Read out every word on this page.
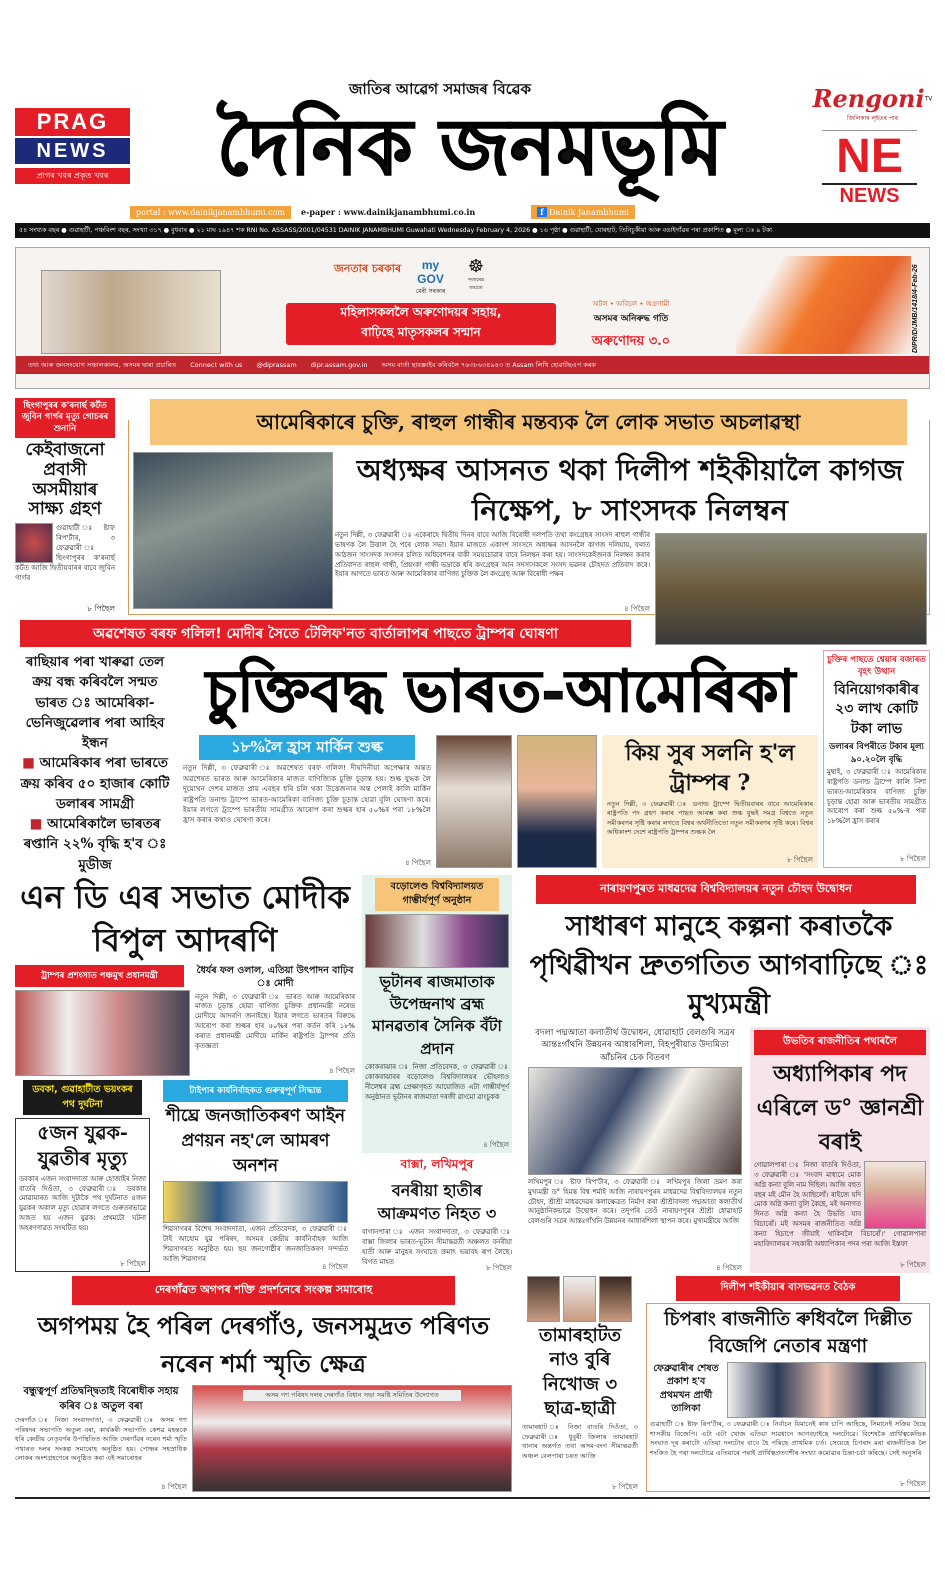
PRAG
NEWS
প্ৰাগৰ খবৰ প্ৰকৃত খবৰ
জাতিৰ আৱেগ সমাজৰ বিৱেক
দৈনিক জনমভূমি
portal : www.dainikjanambhumi.com	e-paper : www.dainikjanambhumi.co.in	f Dainik Janambhumi
Rengoni$^{TV}$
জিলিকাৰ লৃইতৰ পাৰ
NE
NEWS
৫৪ সংখ্যক বছৰ ● গুৱাহাটী, পঞ্চবিংশ বছৰ, সংখ্যা ৩১৭ ● বুধবাৰ ● ২১ মাঘ ১৯৪৭ শক RNI No. ASSASS/2001/04531 DAINIK JANAMBHUMI Guwahati Wednesday February 4, 2026 ● ১৬ পৃষ্ঠা ● গুৱাহাটী, যোৰহাট, তিনিচুকীয়া আৰু বঙাইগাঁৱৰ পৰা প্ৰকাশিত ● মূল্য ঃ ৯ টকা
জনতাৰ চৰকাৰ	my GOV
মেৰী সৰকাৰ
☸
সত্যমেৱ জয়তে
মহিলাসকললৈ অৰুণোদয়ৰ সহায়,
বাঢ়িছে মাতৃসকলৰ সন্মান
অটল • অবিচল • অগ্ৰগামী
অসমৰ অনিৰুদ্ধ গতি
অৰুণোদয় ৩.০	DIPR/D/JMB/1418/4-Feb-26
তথ্য আৰু জনসংযোগ সঞ্চালকালয়, অসমৰ দ্বাৰা প্ৰচাৰিত Connect with us @diprassam dipr.assam.gov.in অসম বাৰ্তা ছাবস্ক্ৰাইব কৰিবলৈ ৭৬৩৮৬৩৪৯৪৩ ত Assam লিখি হোৱাটছএপ কৰক
ছিংগাপুৰৰ ক'ৰনাৰ্ছ কৰ্টত জুবিন গাৰ্গৰ মৃত্যু গোচৰৰ শুনানি
কেইবাজনো প্ৰবাসী অসমীয়াৰ সাক্ষ্য গ্ৰহণ
গুৱাহাটী ঃ ষ্টাফ ৰিপ'ৰ্টাৰ, ৩ ফেব্ৰুৱাৰী ঃ ছিংগাপুৰৰ ক'ৰনাৰ্ছ কৰ্টত আজি দ্বিতীয়বাৰৰ বাবে জুবিন গাৰ্গৰ
৮ পিছৈল
আমেৰিকাৰে চুক্তি, ৰাহুল গান্ধীৰ মন্তব্যক লৈ লোক সভাত অচলাৱস্থা
অধ্যক্ষৰ আসনত থকা দিলীপ শইকীয়ালৈ কাগজ নিক্ষেপ, ৮ সাংসদক নিলম্বন
নতুন দিল্লী, ৩ ফেব্ৰুৱাৰী ঃ একেৰাহে দ্বিতীয় দিনৰ বাবে আজি বিৰোধী দলপতি তথা কংগ্ৰেছৰ সাংসদ ৰাহুল গান্ধীৰ ভাষণক লৈ উত্তাল হৈ পৰে লোক সভা। ইয়াৰ মাজতে একাংশ সাংসদে অধ্যক্ষৰ আসনলৈ কাগজ দলিয়ায়, ফলত আঠজন সাংসদক সংসদৰ চলিত অধিবেশনৰ বাকী সময়চোৱাৰ বাবে নিলম্বন কৰা হয়। সাংসদকেইজনক নিলম্বন কৰাৰ প্ৰতিবাদত ৰাহুল গান্ধী, প্ৰিয়ংকা গান্ধী ভদ্ৰাকে ধৰি কংগ্ৰেছৰ আন সদস্যসকলে সংসদ ভৱনৰ চৌহদত প্ৰতিবাদ কৰে। ইয়াৰ আগতে ভাৰত আৰু আমেৰিকাৰ বাণিজ্য চুক্তিক লৈ কংগ্ৰেছ আৰু বিৰোধী পক্ষৰ
৪ পিছৈল
অৱশেষত বৰফ গলিল! মোদীৰ সৈতে টেলিফ'নত বাৰ্তালাপৰ পাছতে ট্ৰাম্পৰ ঘোষণা
ৰাছিয়াৰ পৰা খাৰুৱা তেল ক্ৰয় বন্ধ কৰিবলৈ সন্মত ভাৰত ঃ আমেৰিকা-ভেনিজুৱেলাৰ পৰা আহিব ইন্ধন
■ আমেৰিকাৰ পৰা ভাৰতে ক্ৰয় কৰিব ৫০ হাজাৰ কোটি ডলাৰৰ সামগ্ৰী
■ আমেৰিকালৈ ভাৰতৰ ৰপ্তানি ২২% বৃদ্ধি হ'ব ঃ মুডীজ
চুক্তিবদ্ধ ভাৰত-আমেৰিকা
১৮%লৈ হ্ৰাস মাৰ্কিন শুল্ক
নতুন দিল্লী, ৩ ফেব্ৰুৱাৰী ঃ অৱশেষত বৰফ গলিল! দীঘদিনীয়া অপেক্ষাৰ অন্তত অৱশেষত ভাৰত আৰু আমেৰিকাৰ মাজত বাণিজ্যিক চুক্তি চূড়ান্ত হয়। শুল্ক যুদ্ধক লৈ দুয়োখন দেশৰ মাজত প্ৰায় এবছৰ ধৰি চলি থকা উত্তেজনাৰ অন্ত পেলাই কালি মাৰ্কিন ৰাষ্ট্ৰপতি ডনাল্ড ট্ৰাম্পে ভাৰত-আমেৰিকা বাণিজ্য চুক্তি চূড়ান্ত হোৱা বুলি ঘোষণা কৰে। ইয়াৰ লগতে ট্ৰাম্পে ভাৰতীয় সামগ্ৰীত আৰোপ কৰা শুল্কৰ হাৰ ৫০%ৰ পৰা ১৮%লৈ হ্ৰাস কৰাৰ কথাও ঘোষণা কৰে।
৪ পিছৈল
কিয় সুৰ সলনি হ'ল ট্ৰাম্পৰ ?
নতুন দিল্লী, ৩ ফেব্ৰুৱাৰী ঃ ডনাল্ড ট্ৰাম্পে দ্বিতীয়বাৰৰ বাবে আমেৰিকাৰ ৰাষ্ট্ৰপতি পদ গ্ৰহণ কৰাৰ পাছত আৰম্ভ কৰা শুল্ক যুদ্ধই সমগ্ৰ বিশ্বতে নতুন সমীকৰণৰ সৃষ্টি কৰাৰ লগতে বিশ্বৰ অৰ্থনীতিতো নতুন সমীকৰণৰ সৃষ্টি কৰে। বিশ্বৰ অধিকাংশ দেশে ৰাষ্ট্ৰপতি ট্ৰাম্পৰ শুল্কক লৈ
৮ পিছৈল
চুক্তিৰ পাছতে শ্বেয়াৰ বজাৰত বৃহৎ উত্থান
বিনিয়োগকাৰীৰ ২৩ লাখ কোটি টকা লাভ
ডলাৰৰ বিপৰীতে টকাৰ মূল্য ৯০.২০লৈ বৃদ্ধি
মুম্বাই, ৩ ফেব্ৰুৱাৰী ঃ আমেৰিকাৰ ৰাষ্ট্ৰপতি ডনাল্ড ট্ৰাম্পে কালি নিশা ভাৰত-আমেৰিকাৰ বাণিজ্য চুক্তি চূড়ান্ত হোৱা আৰু ভাৰতীয় সামগ্ৰীত আৰোপ কৰা শুল্ক ৫০%-ৰ পৰা ১৮%লৈ হ্ৰাস কৰাৰ
৮ পিছৈল
এন ডি এৰ সভাত মোদীক বিপুল আদৰণি
ট্ৰাম্পৰ প্ৰশংসাত পঞ্চমুখ প্ৰধানমন্ত্ৰী	ধৈৰ্যৰ ফল ওলাল, এতিয়া উৎপাদন বাঢ়িব ঃ মোদী
নতুন দিল্লী, ৩ ফেব্ৰুৱাৰী ঃ ভাৰত আৰু আমেৰিকাৰ মাজত চূড়ান্ত হোৱা বাণিজ্য চুক্তিক প্ৰধানমন্ত্ৰী নৰেন্দ্ৰ মোদীয়ে আদৰণি জনাইছে। ইয়াৰ লগতে ভাৰতৰ বিৰুদ্ধে আৰোপ কৰা শুল্কৰ হাৰ ৫০%ৰ পৰা কৰ্তন কৰি ১৮% কৰাত প্ৰধানমন্ত্ৰী মোদীয়ে মাৰ্কিন ৰাষ্ট্ৰপতি ট্ৰাম্পৰ প্ৰতি কৃতজ্ঞতা
৪ পিছৈল
বড়োলেণ্ড বিশ্ববিদ্যালয়ত গাম্ভীৰ্যপূৰ্ণ অনুষ্ঠান
ভূটানৰ ৰাজমাতাক উপেন্দ্ৰনাথ ব্ৰহ্ম মানৱতাৰ সৈনিক বঁটা প্ৰদান
কোকৰাঝাৰ ঃ নিজা প্ৰতিবেদক, ৩ ফেব্ৰুৱাৰী ঃ কোকৰাঝাৰৰ বড়োলেণ্ড বিশ্ববিদ্যালয়ৰ ভৌহলাও নীলেশ্বৰ ব্ৰহ্ম প্ৰেক্ষাগৃহত আয়োজিত এটা গাম্ভীৰ্যপূৰ্ণ অনুষ্ঠানত ভূটানৰ ৰাজমাতা দৰজী ৱাংমো ৱাংচুকক
৪ পিছৈল
বাক্সা, লখিমপুৰ
বনৰীয়া হাতীৰ আক্ৰমণত নিহত ৩
বাগানপাৰা ঃ এজন সংবাদদাতা, ৩ ফেব্ৰুৱাৰী ঃ বাক্সা জিলাৰ ভাৰত-ভূটান সীমান্তৱৰ্তী অঞ্চলত বনৰীয়া হাতী আৰু মানুহৰ সংঘাতে ক্ৰমাৎ ভয়াবহ ৰূপ লৈছে। বিগত মাহত
৮ পিছৈল
নাৰায়ণপুৰত মাধৱদেৱ বিশ্ববিদ্যালয়ৰ নতুন চৌহদ উদ্বোধন
সাধাৰণ মানুহে কল্পনা কৰাতকৈ পৃথিৱীখন দ্ৰুতগতিত আগবাঢ়িছে ঃ মুখ্যমন্ত্ৰী
বদলা পদ্মআতা কলাতীৰ্থ উদ্বোধন, ধোৱাহাট বেলগুৰি সত্ৰৰ আন্তঃগাঁথনি উন্নয়নৰ আধাৰশিলা, বিহপুৰীয়াত উদ্যমিতা আঁচনিৰ চেক বিতৰণ
লখিমপুৰ ঃ ষ্টাফ ৰিপ'ৰ্টাৰ, ৩ ফেব্ৰুৱাৰী ঃ লখিমপুৰ জিলা ভ্ৰমণ কৰা মুখ্যমন্ত্ৰী ড° হিমন্ত বিশ্ব শৰ্মাই আজি নাৰায়ণপুৰৰ মাধৱদেৱ বিশ্ববিদ্যালয়ৰ নতুন চৌহদ, শ্ৰীশ্ৰী মাধৱদেৱৰ কলাক্ষেত্ৰত নিৰ্মাণ কৰা শ্ৰীশ্ৰীবদলা পদ্মআতা কলাতীৰ্থ আনুষ্ঠানিকভাৱে উদ্বোধন কৰে। তদুপৰি তেওঁ নাৰায়ণপুৰৰ শ্ৰীশ্ৰী ধোৱাহাট বেলগুৰি সত্ৰৰ আন্তঃগাঁথনি উন্নয়নৰ আধাৰশিলা স্থাপন কৰে। মুখ্যমন্ত্ৰীয়ে আজি
৪ পিছৈল
উভতিব ৰাজনীতিৰ পথাৰলৈ
অধ্যাপিকাৰ পদ এৰিলে ড° জ্ঞানশ্ৰী বৰাই
গোৱালপাৰা ঃ নিজা বাতৰি দিওঁতা, ৩ ফেব্ৰুৱাৰী ঃ 'সংবাদ মাধ্যমে মোক অগ্নি কন্যা বুলি নাম দিছিল। আজি বহুত বছৰ মই মৌন হৈ আছিলোঁ। ৰাইজে যদি মোক অগ্নি কন্যা বুলি কৈছে, মই অনাগত দিনত অগ্নি কন্যা হৈ উভতি যাব বিচাৰোঁ। মই অসমৰ ৰাজনীতিত অগ্নি কন্যা হিচাপে জীয়াই থাকিবলৈ বিচাৰোঁ।' গোৱালপাৰা মহাবিদ্যালয়ৰ সহকাৰী অধ্যাপিকাৰ পদৰ পৰা আজি ইস্তফা
৮ পিছৈল
ডবকা, গুৱাহাটীত ভয়ংকৰ পথ দুৰ্ঘটনা
৫জন যুৱক-যুৱতীৰ মৃত্যু
ডবকাৰ এজন সংবাদদাতা আৰু হোজাইৰ নিজা বাতৰি দিওঁতা, ৩ ফেব্ৰুৱাৰী ঃ ডবকাৰ মোৱামাৰত আজি দুটাকৈ পথ দুৰ্ঘটনাত ৪জন যুৱকৰ অকাল মৃত্যু হোৱাৰ লগতে গুৰুতৰভাৱে আহত হয় এজন যুৱক। প্ৰথমটো ঘটনা অহৰণগাৱত সংঘটিত হয়।
৮ পিছৈল
টাইপাৰ কাৰ্যনিৰ্বাহকত গুৰুত্বপূৰ্ণ সিদ্ধান্ত
শীঘ্ৰে জনজাতিকৰণ আইন প্ৰণয়ন নহ'লে আমৰণ অনশন
শিৱসাগৰৰ বিশেষ সংবাদদাতা, এজন প্ৰতিবেদক, ৩ ফেব্ৰুৱাৰী ঃ টাই আহোম যুৱ পৰিষদ, অসমৰ কেন্দ্ৰীয় কাৰ্যনিৰ্বাহক আজি শিৱসাগৰত অনুষ্ঠিত হয়। ছয় জনগোষ্ঠীৰ জনজাতিকৰণ সন্দৰ্ভত আজি শিৱসাগৰ
৪ পিছৈল
দেৰগাঁৱত অগপৰ শক্তি প্ৰদৰ্শনেৰে সংকল্প সমাৰোহ
অগপময় হৈ পৰিল দেৰগাঁও, জনসমুদ্ৰত পৰিণত নৰেন শৰ্মা স্মৃতি ক্ষেত্ৰ
বন্ধুত্বপূৰ্ণ প্ৰতিদ্বন্দ্বিতাই বিৰোধীক সহায় কৰিব ঃ অতুল বৰা
দেৰগাঁও ঃ নিজা সংবাদদাতা, ৩ ফেব্ৰুৱাৰী ঃ অসম গণ পৰিষদৰ সভাপতি অতুল বৰা, কাৰ্যকৰী সভাপতি কেশৱ মহন্তকে ধৰি কেন্দ্ৰীয় নেতৃবৰ্গৰ উপস্থিতিত আজি দেৰগাঁৱৰ নৰেন শৰ্মা স্মৃতি পথাৰত দলৰ সংকল্প সমাৰোহ অনুষ্ঠিত হয়। পোন্ধৰ সহস্ৰাধিক লোকৰ অংশগ্ৰহণেৰে অনুষ্ঠিত কৰা এই সমাৰোহৰ
৪ পিছৈল
অসম গণ পৰিষদ দলৰ দেৰগাঁও বিধান সভা সমষ্টি সমিতিৰ উদ্যোগত
তামাৰহাটত নাও বুৰি নিখোজ ৩ ছাত্ৰ-ছাত্ৰী
তামাৰহাট ঃ নিজা বাতৰি দিওঁতা, ৩ ফেব্ৰুৱাৰী ঃ ধুবুৰী জিলাৰ তামাৰহাট থানাৰ অন্তৰ্গত তথা অসম-বংগ সীমান্তৱৰ্তী অঞ্চল বেলপাৰা চৰত আজি
৮ পিছৈল
দিলীপ শইকীয়াৰ বাসভৱনত বৈঠক
চিপৰাং ৰাজনীতি ৰুধিবলৈ দিল্লীত বিজেপি নেতাৰ মন্ত্ৰণা
ফেব্ৰুৱাৰীৰ শেষত প্ৰকাশ হ'ব প্ৰথমখন প্ৰাৰ্থী তালিকা
গুৱাহাটী ঃ ষ্টাফ ৰিপ'ৰ্টাৰ, ৩ ফেব্ৰুৱাৰী ঃ নিৰ্বাচন যিমানেই কাষ চাপি আহিছে, সিমানেই সক্ৰিয় হৈছে শাসকীয় বিজেপি। এটা এটা খোজ এতিয়া সাৱধানে আগবঢ়াইছে দলটোৱে। বিশেষকৈ প্ৰাৰ্থিত্বকেন্দ্ৰিক সংঘাত দূৰ কৰাটো এতিয়া দলটোৰ বাবে হৈ পৰিছে প্ৰাথমিক চৰ্ত। সেয়েহে চিপৰাং মৰা ৰাজনীতিক লৈ শংকিত হৈ পৰা দলটোৱে এতিয়াৰে পৰাই প্ৰাৰ্থিত্বপ্ৰত্যাশীৰ সংখ্যা কমোৱাৰ চিন্তা-চৰ্চা কৰিছে। সেই অনুসৰি
৮ পিছৈল
